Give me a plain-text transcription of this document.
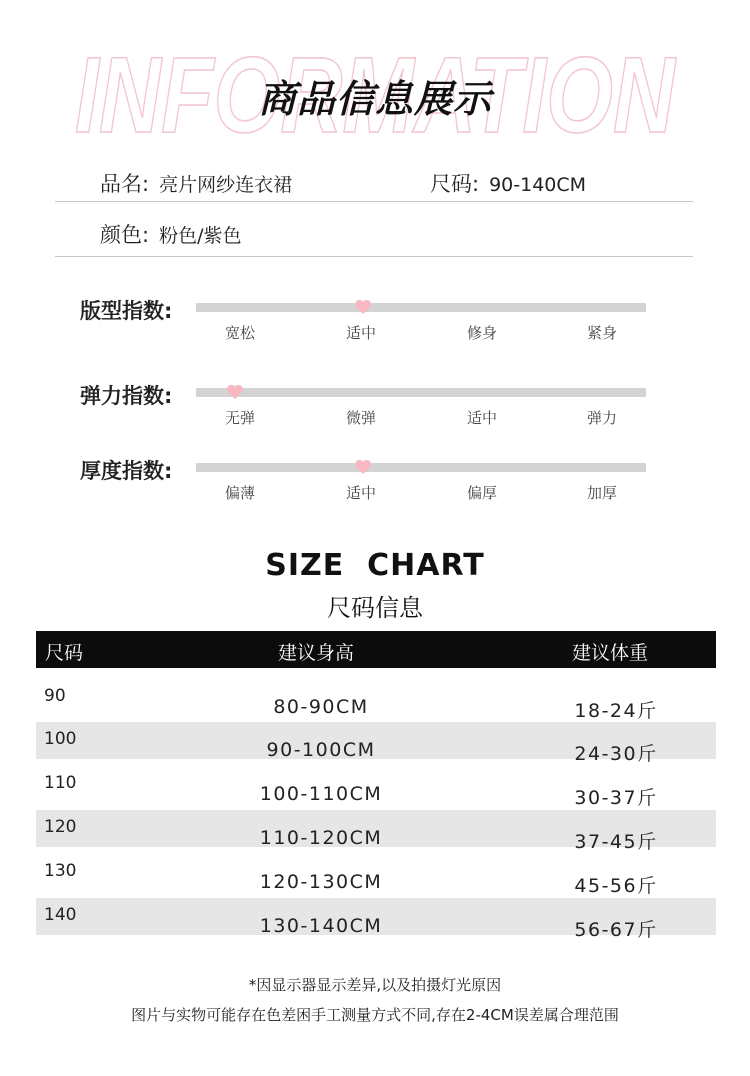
INFORMATION
商品信息展示
品名: 亮片网纱连衣裙	尺码: 90-140CM
颜色: 粉色/紫色
版型指数:
宽松	适中	修身	紧身
弹力指数:
无弹	微弹	适中	弹力
厚度指数:
偏薄	适中	偏厚	加厚
SIZE  CHART
尺码信息
尺码	建议身高	建议体重
90	80-90CM	18-24斤
100	90-100CM	24-30斤
110	100-110CM	30-37斤
120	110-120CM	37-45斤
130	120-130CM	45-56斤
140	130-140CM	56-67斤
*因显示器显示差异,以及拍摄灯光原因
图片与实物可能存在色差困手工测量方式不同,存在2-4CM误差属合理范围
